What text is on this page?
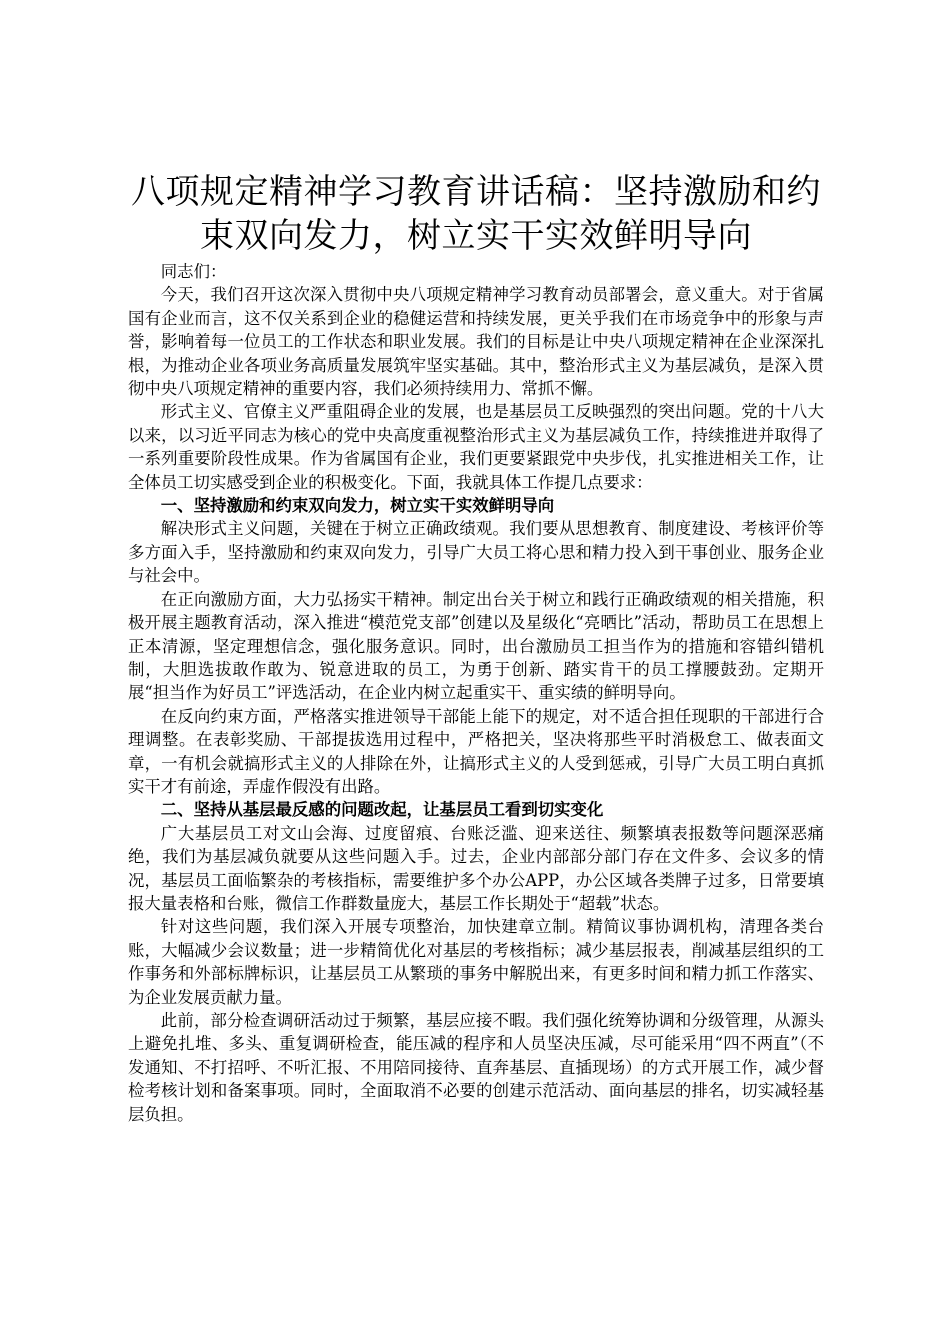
八项规定精神学习教育讲话稿：坚持激励和约
束双向发力，树立实干实效鲜明导向

同志们：

今天，我们召开这次深入贯彻中央八项规定精神学习教育动员部署会，意义重大。对于省属国有企业而言，这不仅关系到企业的稳健运营和持续发展，更关乎我们在市场竞争中的形象与声誉，影响着每一位员工的工作状态和职业发展。我们的目标是让中央八项规定精神在企业深深扎根，为推动企业各项业务高质量发展筑牢坚实基础。其中，整治形式主义为基层减负，是深入贯彻中央八项规定精神的重要内容，我们必须持续用力、常抓不懈。

形式主义、官僚主义严重阻碍企业的发展，也是基层员工反映强烈的突出问题。党的十八大以来，以习近平同志为核心的党中央高度重视整治形式主义为基层减负工作，持续推进并取得了一系列重要阶段性成果。作为省属国有企业，我们更要紧跟党中央步伐，扎实推进相关工作，让全体员工切实感受到企业的积极变化。下面，我就具体工作提几点要求：

一、坚持激励和约束双向发力，树立实干实效鲜明导向

解决形式主义问题，关键在于树立正确政绩观。我们要从思想教育、制度建设、考核评价等多方面入手，坚持激励和约束双向发力，引导广大员工将心思和精力投入到干事创业、服务企业与社会中。

在正向激励方面，大力弘扬实干精神。制定出台关于树立和践行正确政绩观的相关措施，积极开展主题教育活动，深入推进“模范党支部”创建以及星级化“亮晒比”活动，帮助员工在思想上正本清源，坚定理想信念，强化服务意识。同时，出台激励员工担当作为的措施和容错纠错机制，大胆选拔敢作敢为、锐意进取的员工，为勇于创新、踏实肯干的员工撑腰鼓劲。定期开展“担当作为好员工”评选活动，在企业内树立起重实干、重实绩的鲜明导向。

在反向约束方面，严格落实推进领导干部能上能下的规定，对不适合担任现职的干部进行合理调整。在表彰奖励、干部提拔选用过程中，严格把关，坚决将那些平时消极怠工、做表面文章，一有机会就搞形式主义的人排除在外，让搞形式主义的人受到惩戒，引导广大员工明白真抓实干才有前途，弄虚作假没有出路。

二、坚持从基层最反感的问题改起，让基层员工看到切实变化

广大基层员工对文山会海、过度留痕、台账泛滥、迎来送往、频繁填表报数等问题深恶痛绝，我们为基层减负就要从这些问题入手。过去，企业内部部分部门存在文件多、会议多的情况，基层员工面临繁杂的考核指标，需要维护多个办公APP，办公区域各类牌子过多，日常要填报大量表格和台账，微信工作群数量庞大，基层工作长期处于“超载”状态。

针对这些问题，我们深入开展专项整治，加快建章立制。精简议事协调机构，清理各类台账，大幅减少会议数量；进一步精简优化对基层的考核指标；减少基层报表，削减基层组织的工作事务和外部标牌标识，让基层员工从繁琐的事务中解脱出来，有更多时间和精力抓工作落实、为企业发展贡献力量。

此前，部分检查调研活动过于频繁，基层应接不暇。我们强化统筹协调和分级管理，从源头上避免扎堆、多头、重复调研检查，能压减的程序和人员坚决压减，尽可能采用“四不两直”（不发通知、不打招呼、不听汇报、不用陪同接待、直奔基层、直插现场）的方式开展工作，减少督检考核计划和备案事项。同时，全面取消不必要的创建示范活动、面向基层的排名，切实减轻基层负担。
